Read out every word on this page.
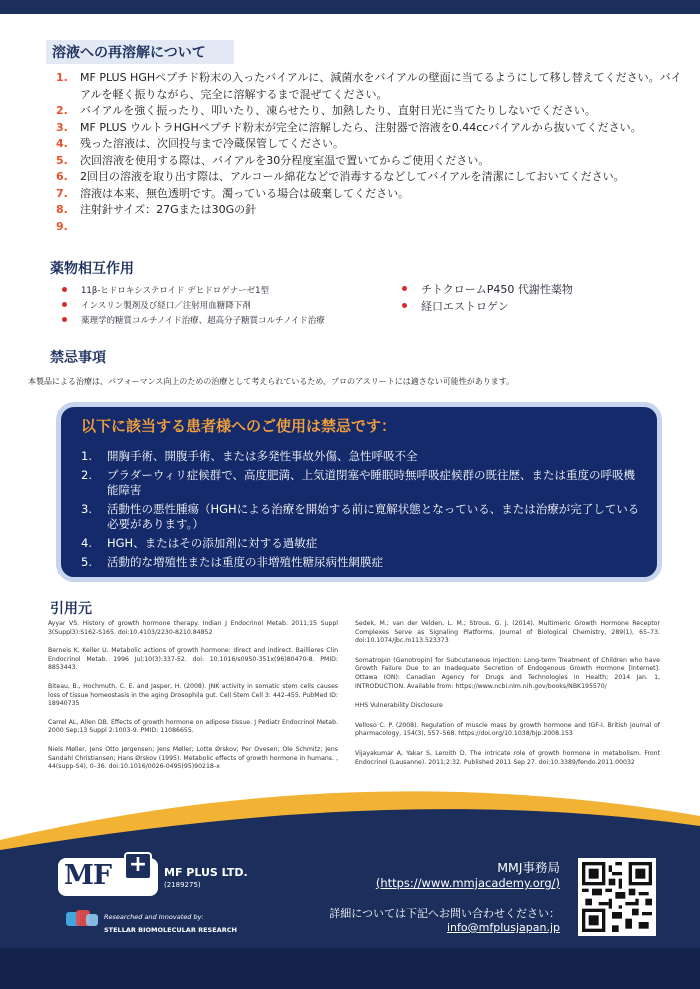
溶液への再溶解について
1.	MF PLUS HGHペプチド粉末の入ったバイアルに、減菌水をバイアルの壁面に当てるようにして移し替えてください。バイアルを軽く振りながら、完全に溶解するまで混ぜてください。
2.	バイアルを強く振ったり、叩いたり、凍らせたり、加熱したり、直射日光に当てたりしないでください。
3.	MF PLUS ウルトラHGHペプチド粉末が完全に溶解したら、注射器で溶液を0.44ccバイアルから抜いてください。
4.	残った溶液は、次回投与まで冷蔵保管してください。
5.	次回溶液を使用する際は、バイアルを30分程度室温で置いてからご使用ください。
6.	2回目の溶液を取り出す際は、アルコール綿花などで消毒するなどしてバイアルを清潔にしておいてください。
7.	溶液は本来、無色透明です。濁っている場合は破棄してください。
8.	注射針サイズ：27Gまたは30Gの針
9.
薬物相互作用
11β-ヒドロキシステロイド デヒドロゲナーゼ1型
インスリン製剤及び経口／注射用血糖降下剤
薬理学的糖質コルチノイド治療、超高分子糖質コルチノイド治療
チトクロームP450 代謝性薬物
経口エストロゲン
禁忌事項
本製品による治療は、パフォーマンス向上のための治療として考えられているため、プロのアスリートには適さない可能性があります。
以下に該当する患者様へのご使用は禁忌です：
1.	開胸手術、開腹手術、または多発性事故外傷、急性呼吸不全
2.	プラダーウィリ症候群で、高度肥満、上気道閉塞や睡眠時無呼吸症候群の既往歴、または重度の呼吸機能障害
3.	活動性の悪性腫瘍（HGHによる治療を開始する前に寛解状態となっている、または治療が完了している必要があります。）
4.	HGH、またはその添加剤に対する過敏症
5.	活動的な増殖性または重度の非増殖性糖尿病性網膜症
引用元
Ayyar VS. History of growth hormone therapy. Indian J Endocrinol Metab. 2011;15 Suppl 3(Suppl3):S162-S165. doi:10.4103/2230-8210.84852
Berneis K, Keller U. Metabolic actions of growth hormone: direct and indirect. Baillieres Clin Endocrinol Metab. 1996 Jul;10(3):337-52. doi: 10.1016/s0950-351x(96)80470-8. PMID: 8853443.
Biteau, B., Hochmuth, C. E. and Jasper, H. (2008). JNK activity in somatic stem cells causes loss of tissue homeostasis in the aging Drosophila gut. Cell Stem Cell 3: 442-455. PubMed ID: 18940735
Carrel AL, Allen DB. Effects of growth hormone on adipose tissue. J Pediatr Endocrinol Metab. 2000 Sep;13 Suppl 2:1003-9. PMID: 11086655.
Niels Møller, Jens Otto Jørgensen; Jens Møller; Lotte Ørskov; Per Ovesen; Ole Schmitz; Jens Sandahl Christiansen; Hans Ørskov (1995). Metabolic effects of growth hormone in humans. , 44(supp-S4), 0–36. doi:10.1016/0026-0495(95)90218-x
Sedek, M.; van der Velden, L. M.; Strous, G. J. (2014). Multimeric Growth Hormone Receptor Complexes Serve as Signaling Platforms. Journal of Biological Chemistry, 289(1), 65–73. doi:10.1074/jbc.m113.523373
Somatropin (Genotropin) for Subcutaneous Injection: Long-term Treatment of Children who have Growth Failure Due to an Inadequate Secretion of Endogenous Growth Hormone [Internet]. Ottawa (ON): Canadian Agency for Drugs and Technologies in Health; 2014 Jan. 1, INTRODUCTION. Available from: https://www.ncbi.nlm.nih.gov/books/NBK195570/
HHS Vulnerability Disclosure
Velloso C. P. (2008). Regulation of muscle mass by growth hormone and IGF-I. British journal of pharmacology, 154(3), 557–568. https://doi.org/10.1038/bjp.2008.153
Vijayakumar A, Yakar S, Leroith D. The intricate role of growth hormone in metabolism. Front Endocrinol (Lausanne). 2011;2:32. Published 2011 Sep 27. doi:10.3389/fendo.2011.00032
MF +	MF PLUS LTD.
(2189275)
Researched and Innovated by:
STELLAR BIOMOLECULAR RESEARCH
MMJ事務局
(https://www.mmjacademy.org/)
詳細については下記へお問い合わせください：
info@mfplusjapan.jp
